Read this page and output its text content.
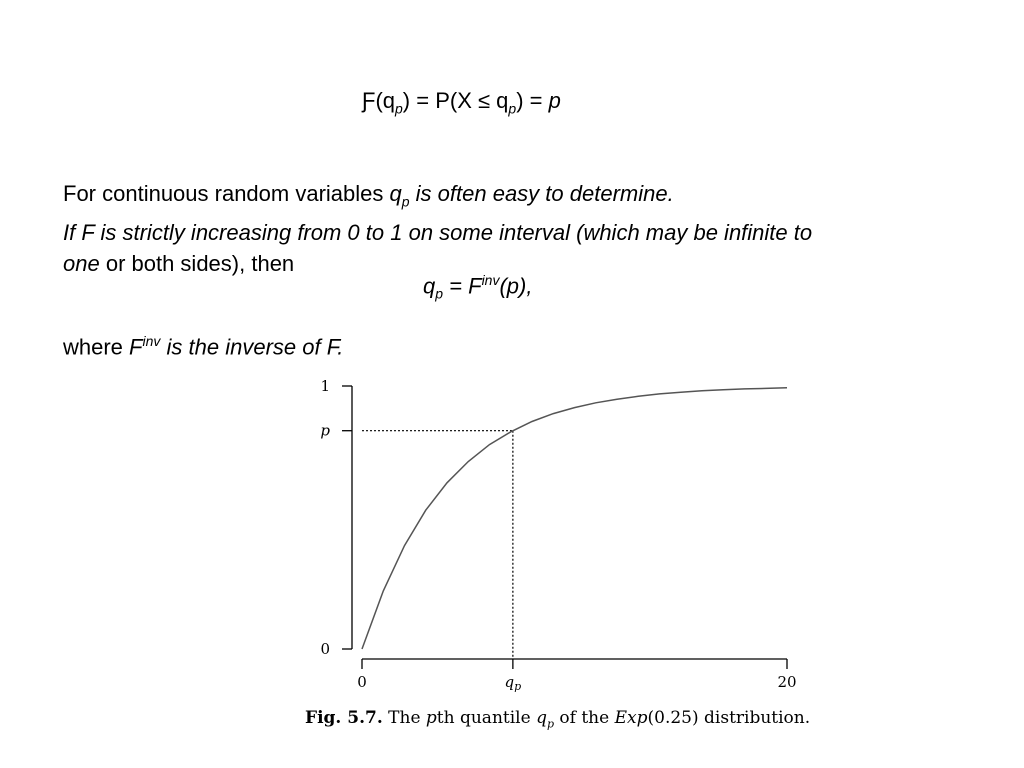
$Ƒ(q_p) = P(X \le q_p) = p$
For continuous random variables $q_p$ is often easy to determine.
If F is strictly increasing from 0 to 1 on some interval (which may be infinite to
one or both sides), then
$q_p = F^{inv}(p)$,
where $F^{inv}$ is the inverse of F.
1
p
0
0	$q_p$	20
Fig. 5.7. The pth quantile $q_p$ of the Exp(0.25) distribution.
